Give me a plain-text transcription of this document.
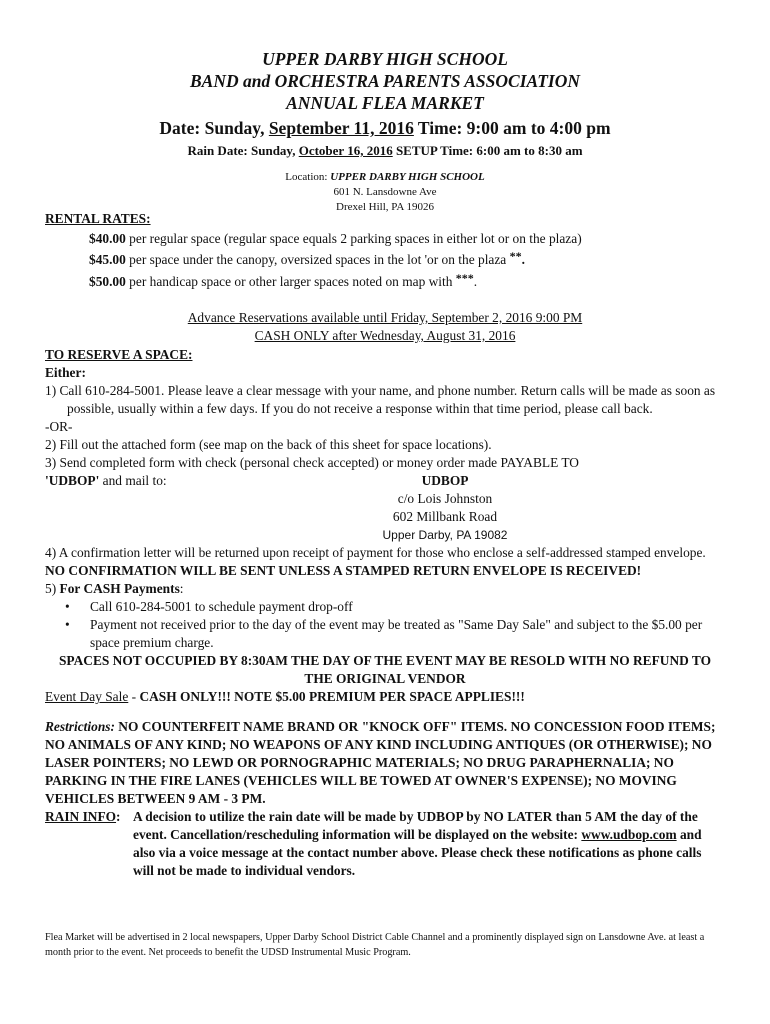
UPPER DARBY HIGH SCHOOL
BAND and ORCHESTRA PARENTS ASSOCIATION
ANNUAL FLEA MARKET
Date: Sunday, September 11, 2016 Time: 9:00 am to 4:00 pm
Rain Date: Sunday, October 16, 2016 SETUP Time: 6:00 am to 8:30 am
Location: UPPER DARBY HIGH SCHOOL
601 N. Lansdowne Ave
Drexel Hill, PA 19026
RENTAL RATES:
$40.00 per regular space (regular space equals 2 parking spaces in either lot or on the plaza)
$45.00 per space under the canopy, oversized spaces in the lot 'or on the plaza **.
$50.00 per handicap space or other larger spaces noted on map with ***.
Advance Reservations available until Friday, September 2, 2016 9:00 PM
CASH ONLY after Wednesday, August 31, 2016
TO RESERVE A SPACE:
Either:
1) Call 610-284-5001. Please leave a clear message with your name, and phone number. Return calls will be made as soon as possible, usually within a few days. If you do not receive a response within that time period, please call back.
-OR-
2) Fill out the attached form (see map on the back of this sheet for space locations).
3) Send completed form with check (personal check accepted) or money order made PAYABLE TO
'UDBOP' and mail to:	UDBOP
c/o Lois Johnston
602 Millbank Road
Upper Darby, PA 19082
4) A confirmation letter will be returned upon receipt of payment for those who enclose a self-addressed stamped envelope. NO CONFIRMATION WILL BE SENT UNLESS A STAMPED RETURN ENVELOPE IS RECEIVED!
5) For CASH Payments:
• Call 610-284-5001 to schedule payment drop-off
• Payment not received prior to the day of the event may be treated as "Same Day Sale" and subject to the $5.00 per space premium charge.
SPACES NOT OCCUPIED BY 8:30AM THE DAY OF THE EVENT MAY BE RESOLD WITH NO REFUND TO THE ORIGINAL VENDOR
Event Day Sale - CASH ONLY!!! NOTE $5.00 PREMIUM PER SPACE APPLIES!!!
Restrictions: NO COUNTERFEIT NAME BRAND OR "KNOCK OFF" ITEMS. NO CONCESSION FOOD ITEMS; NO ANIMALS OF ANY KIND; NO WEAPONS OF ANY KIND INCLUDING ANTIQUES (OR OTHERWISE); NO LASER POINTERS; NO LEWD OR PORNOGRAPHIC MATERIALS; NO DRUG PARAPHERNALIA; NO PARKING IN THE FIRE LANES (VEHICLES WILL BE TOWED AT OWNER'S EXPENSE); NO MOVING VEHICLES BETWEEN 9 AM - 3 PM.
RAIN INFO: A decision to utilize the rain date will be made by UDBOP by NO LATER than 5 AM the day of the event. Cancellation/rescheduling information will be displayed on the website: www.udbop.com and also via a voice message at the contact number above. Please check these notifications as phone calls will not be made to individual vendors.
Flea Market will be advertised in 2 local newspapers, Upper Darby School District Cable Channel and a prominently displayed sign on Lansdowne Ave. at least a month prior to the event. Net proceeds to benefit the UDSD Instrumental Music Program.
